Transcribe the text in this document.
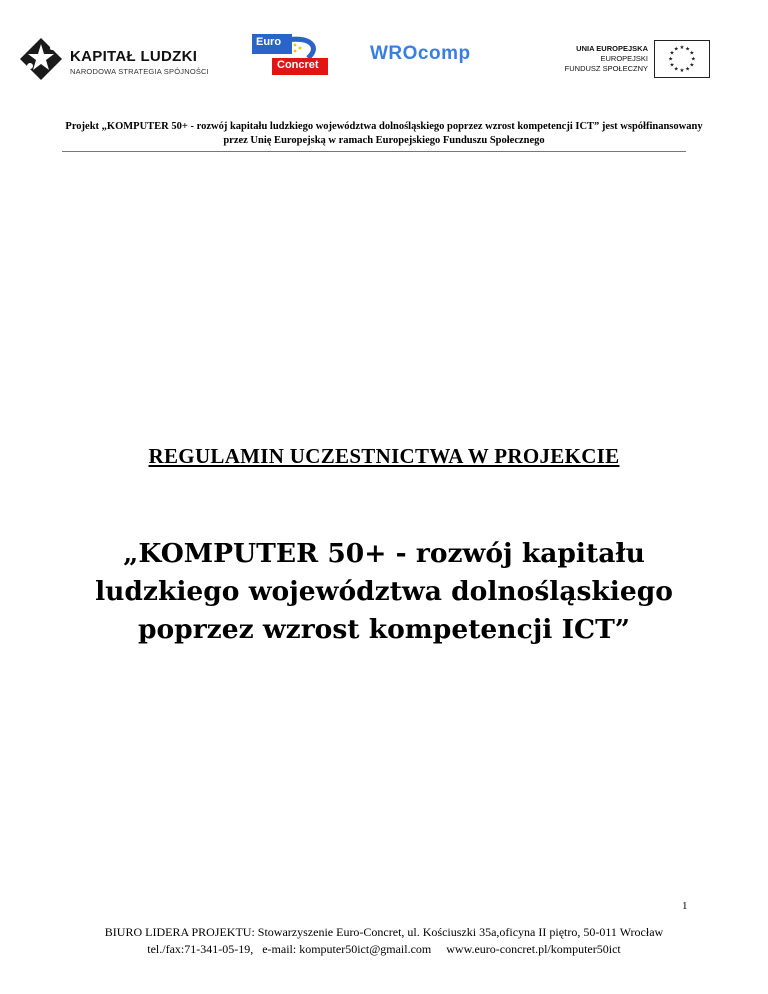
KAPITAŁ LUDZKI
NARODOWA STRATEGIA SPÓJNOŚCI
Euro
Concret
WROcomp	UNIA EUROPEJSKA
EUROPEJSKI
FUNDUSZ SPOŁECZNY
★ ★
★
★
★
★
★
★
★
★
★
★
Projekt „KOMPUTER 50+ - rozwój kapitału ludzkiego województwa dolnośląskiego poprzez wzrost kompetencji ICT” jest współfinansowany przez Unię Europejską w ramach Europejskiego Funduszu Społecznego
REGULAMIN UCZESTNICTWA W PROJEKCIE
„KOMPUTER 50+ - rozwój kapitału ludzkiego województwa dolnośląskiego poprzez wzrost kompetencji ICT”
1
BIURO LIDERA PROJEKTU: Stowarzyszenie Euro-Concret, ul. Kościuszki 35a,oficyna II piętro, 50-011 Wrocław
tel./fax:71-341-05-19,   e-mail: komputer50ict@gmail.com     www.euro-concret.pl/komputer50ict
